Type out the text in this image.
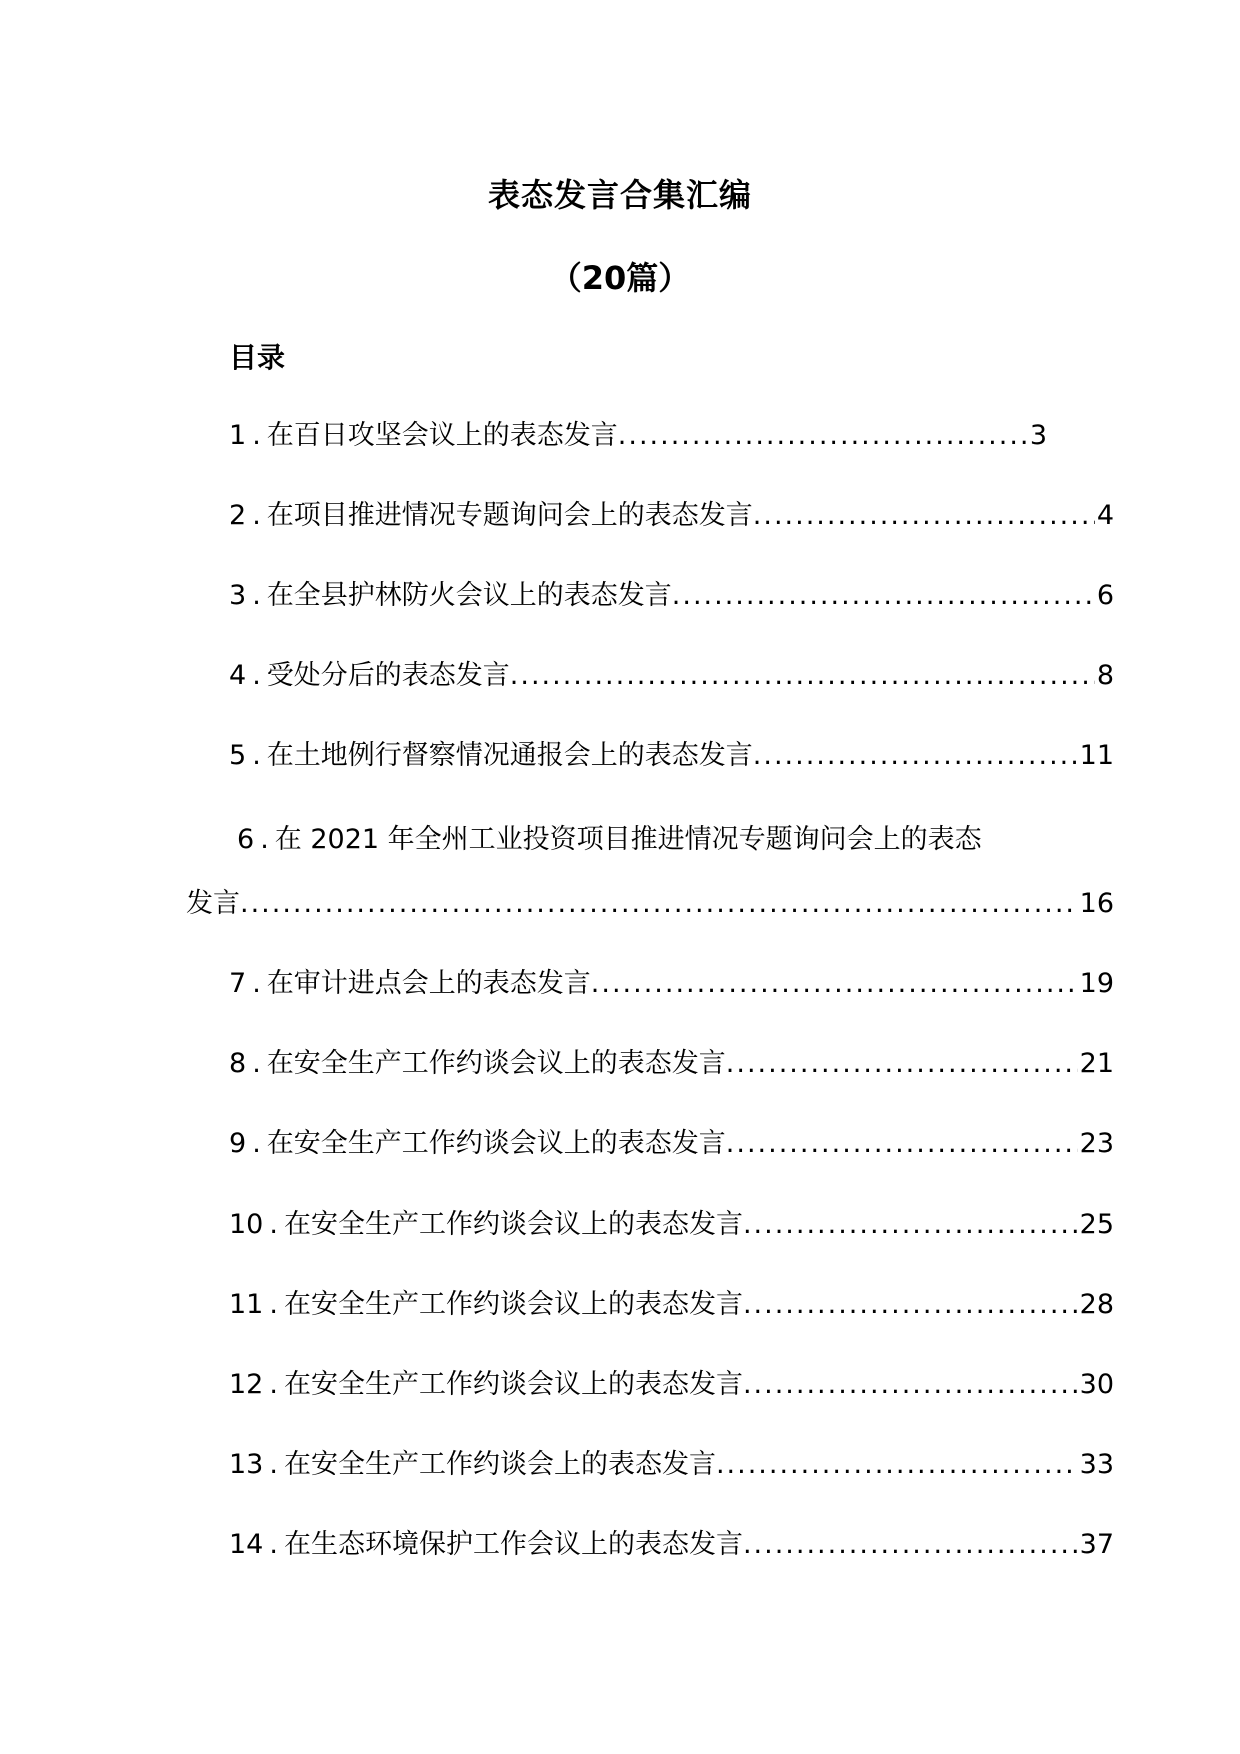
表态发言合集汇编
（20篇）
目录
1 . 在百日攻坚会议上的表态发言 .....	3
2 . 在项目推进情况专题询问会上的表态发言 .....	4
3 . 在全县护林防火会议上的表态发言 .....	6
4 . 受处分后的表态发言 .....	8
5 . 在土地例行督察情况通报会上的表态发言 .....	11
6 . 在 2021 年全州工业投资项目推进情况专题询问会上的表态
发言 .....	16
7 . 在审计进点会上的表态发言 .....	19
8 . 在安全生产工作约谈会议上的表态发言 .....	21
9 . 在安全生产工作约谈会议上的表态发言 .....	23
10 . 在安全生产工作约谈会议上的表态发言 .....	25
11 . 在安全生产工作约谈会议上的表态发言 .....	28
12 . 在安全生产工作约谈会议上的表态发言 .....	30
13 . 在安全生产工作约谈会上的表态发言 .....	33
14 . 在生态环境保护工作会议上的表态发言 .....	37
